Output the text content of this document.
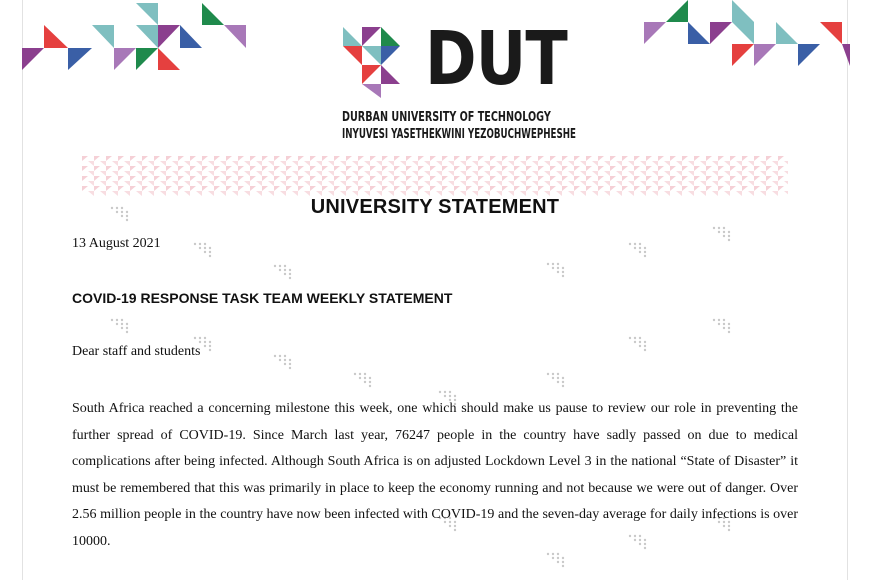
DUT

DURBAN UNIVERSITY OF TECHNOLOGY

INYUVESI YASETHEKWINI YEZOBUCHWEPHESHE

UNIVERSITY STATEMENT

13 August 2021

COVID-19 RESPONSE TASK TEAM WEEKLY STATEMENT

Dear staff and students

South Africa reached a concerning milestone this week, one which should make us pause to review our role in preventing the further spread of COVID-19. Since March last year, 76247 people in the country have sadly passed on due to medical complications after being infected. Although South Africa is on adjusted Lockdown Level 3 in the national “State of Disaster” it must be remembered that this was primarily in place to keep the economy running and not because we were out of danger. Over 2.56 million people in the country have now been infected with COVID-19 and the seven-day average for daily infections is over 10000.
